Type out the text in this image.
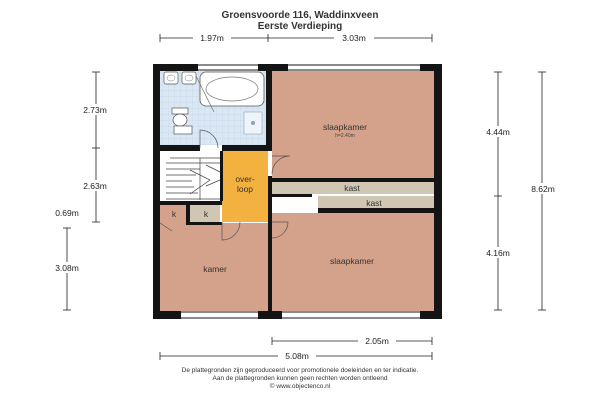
Groensvoorde 116, Waddinxveen
Eerste Verdieping
slaapkamer
h=2.40m
over-
loop	kast
kast
k	k
kamer
slaapkamer
1.97m	3.03m
2.73m
2.63m
0.69m
3.08m
4.44m
8.62m
4.16m
2.05m
5.08m
De plattegronden zijn geproduceerd voor promotionele doeleinden en ter indicatie.
Aan de plattegronden kunnen geen rechten worden ontleend
© www.objectenco.nl
